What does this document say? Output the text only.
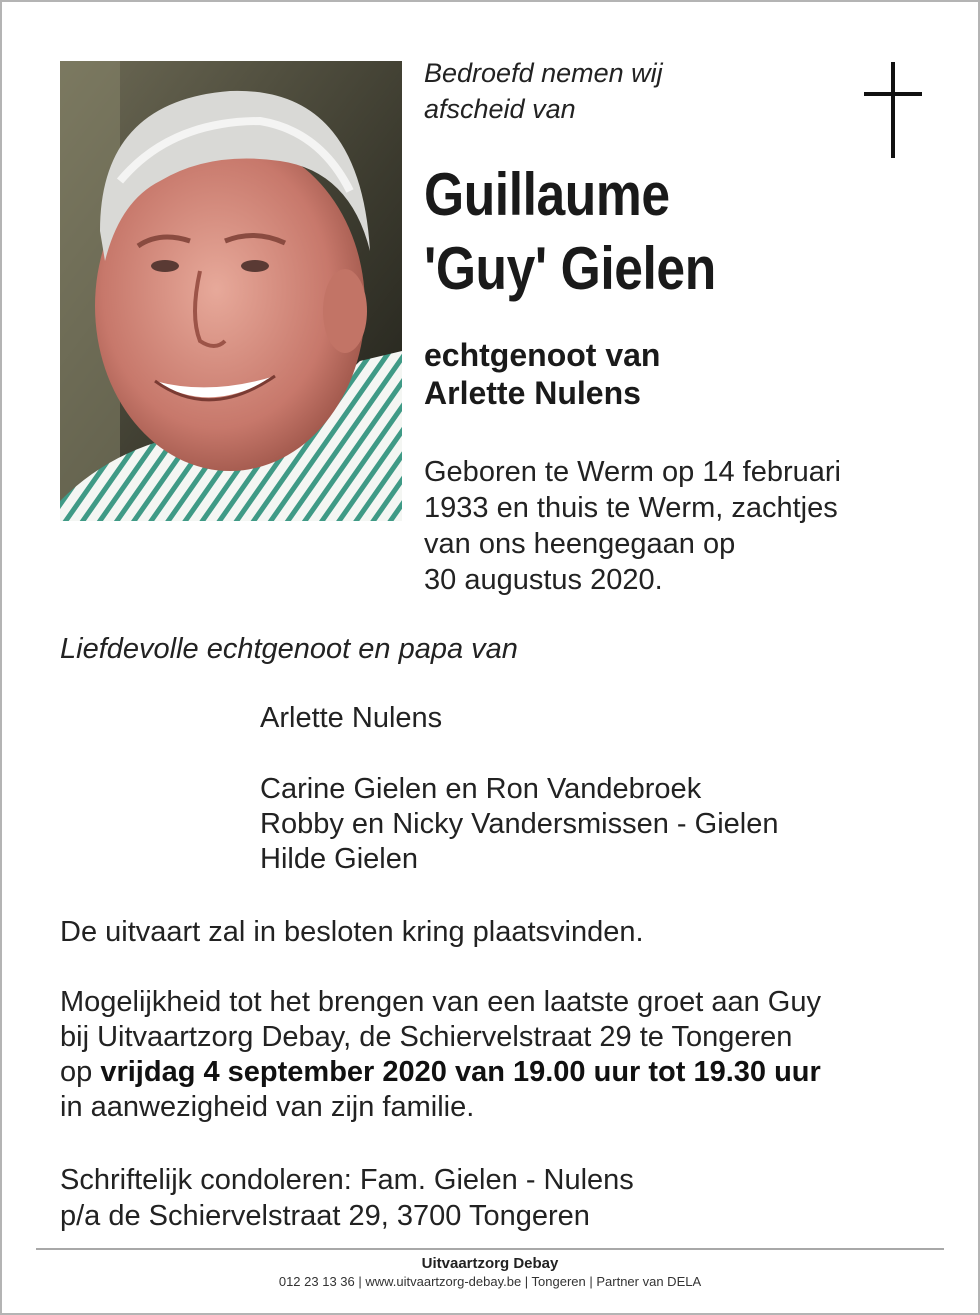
Bedroefd nemen wij
afscheid van
Guillaume
'Guy' Gielen
echtgenoot van
Arlette Nulens
Geboren te Werm op 14 februari
1933 en thuis te Werm, zachtjes
van ons heengegaan op
30 augustus 2020.
Liefdevolle echtgenoot en papa van
Arlette Nulens
Carine Gielen en Ron Vandebroek
Robby en Nicky Vandersmissen - Gielen
Hilde Gielen
De uitvaart zal in besloten kring plaatsvinden.
Mogelijkheid tot het brengen van een laatste groet aan Guy
bij Uitvaartzorg Debay, de Schiervelstraat 29 te Tongeren
op vrijdag 4 september 2020 van 19.00 uur tot 19.30 uur
in aanwezigheid van zijn familie.
Schriftelijk condoleren: Fam. Gielen - Nulens
p/a de Schiervelstraat 29, 3700 Tongeren
Uitvaartzorg Debay
012 23 13 36 | www.uitvaartzorg-debay.be | Tongeren | Partner van DELA
